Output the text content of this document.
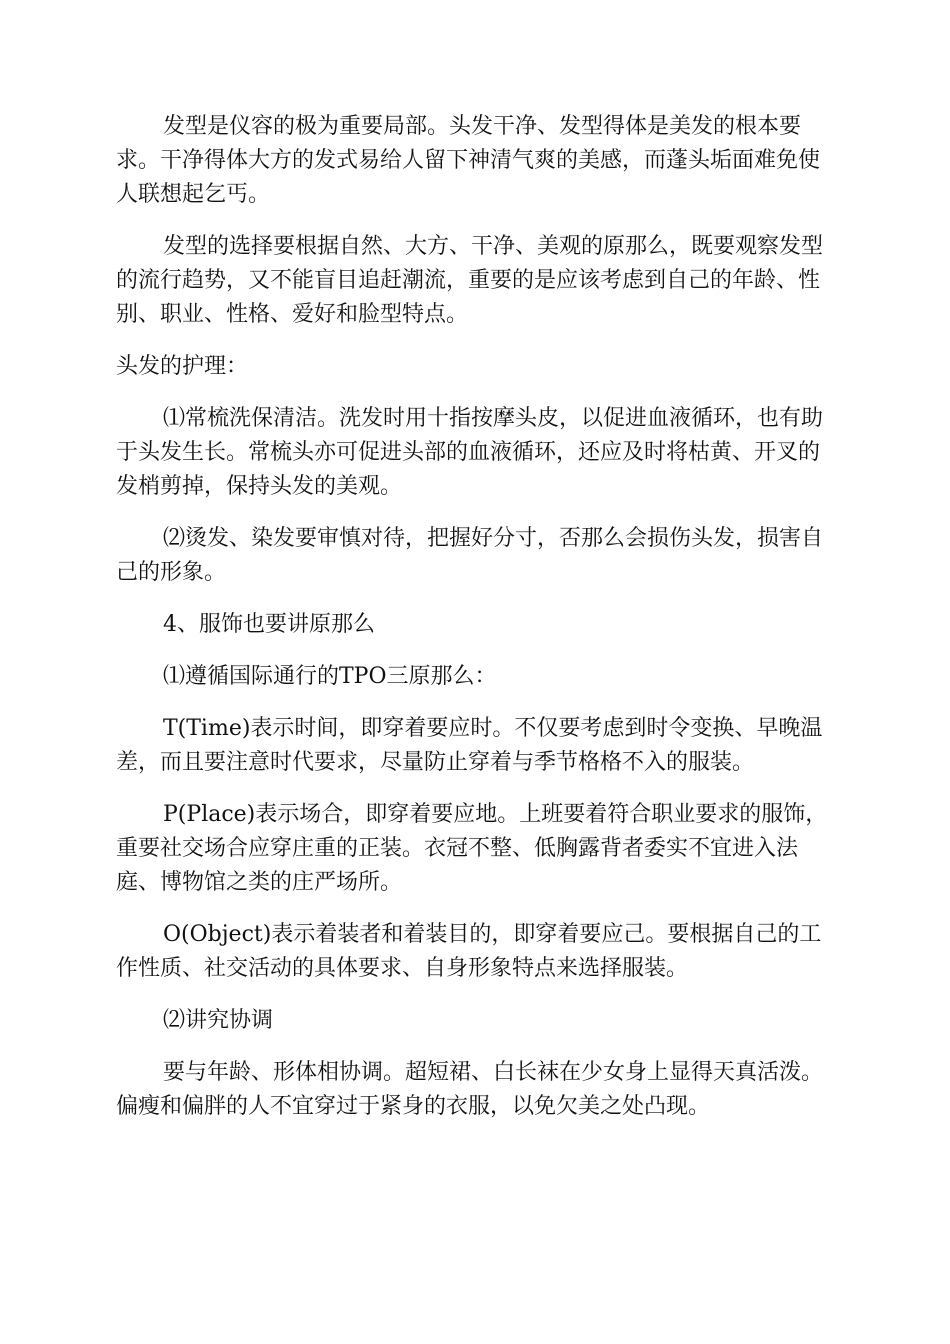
发型是仪容的极为重要局部。头发干净、发型得体是美发的根本要求。干净得体大方的发式易给人留下神清气爽的美感，而蓬头垢面难免使人联想起乞丐。

发型的选择要根据自然、大方、干净、美观的原那么，既要观察发型的流行趋势，又不能盲目追赶潮流，重要的是应该考虑到自己的年龄、性别、职业、性格、爱好和脸型特点。

头发的护理：

⑴常梳洗保清洁。洗发时用十指按摩头皮，以促进血液循环，也有助于头发生长。常梳头亦可促进头部的血液循环，还应及时将枯黄、开叉的发梢剪掉，保持头发的美观。

⑵烫发、染发要审慎对待，把握好分寸，否那么会损伤头发，损害自己的形象。

4、服饰也要讲原那么

⑴遵循国际通行的TPO三原那么：

T(Time)表示时间，即穿着要应时。不仅要考虑到时令变换、早晚温差，而且要注意时代要求，尽量防止穿着与季节格格不入的服装。

P(Place)表示场合，即穿着要应地。上班要着符合职业要求的服饰，重要社交场合应穿庄重的正装。衣冠不整、低胸露背者委实不宜进入法庭、博物馆之类的庄严场所。

O(Object)表示着装者和着装目的，即穿着要应己。要根据自己的工作性质、社交活动的具体要求、自身形象特点来选择服装。

⑵讲究协调

要与年龄、形体相协调。超短裙、白长袜在少女身上显得天真活泼。偏瘦和偏胖的人不宜穿过于紧身的衣服，以免欠美之处凸现。
